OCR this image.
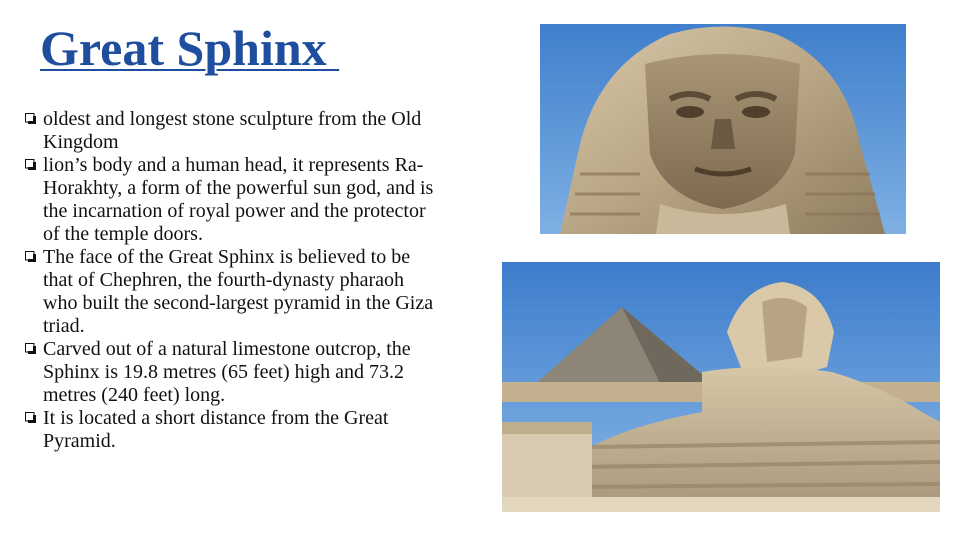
Great Sphinx
oldest and longest stone sculpture from the Old Kingdom
lion’s body and a human head, it represents Ra-Horakhty, a form of the powerful sun god, and is the incarnation of royal power and the protector of the temple doors.
The face of the Great Sphinx is believed to be that of Chephren, the fourth-dynasty pharaoh who built the second-largest pyramid in the Giza triad.
Carved out of a natural limestone outcrop, the Sphinx is 19.8 metres (65 feet) high and 73.2 metres (240 feet) long.
It is located a short distance from the Great Pyramid.
